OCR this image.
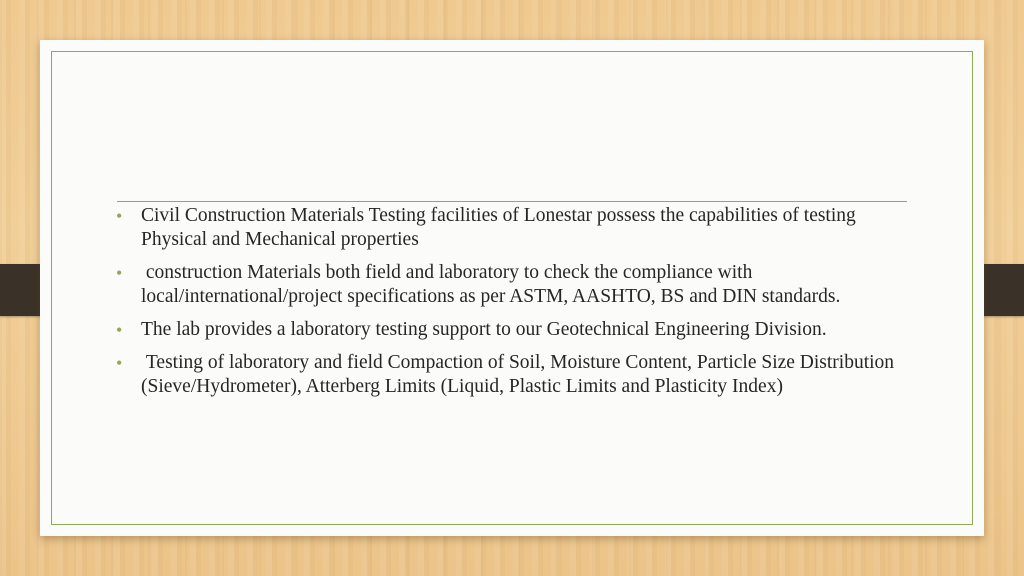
• Civil Construction Materials Testing facilities of Lonestar possess the capabilities of testing Physical and Mechanical properties
• construction Materials both field and laboratory to check the compliance with local/international/project specifications as per ASTM, AASHTO, BS and DIN standards.
• The lab provides a laboratory testing support to our Geotechnical Engineering Division.
• Testing of laboratory and field Compaction of Soil, Moisture Content, Particle Size Distribution (Sieve/Hydrometer), Atterberg Limits (Liquid, Plastic Limits and Plasticity Index)
